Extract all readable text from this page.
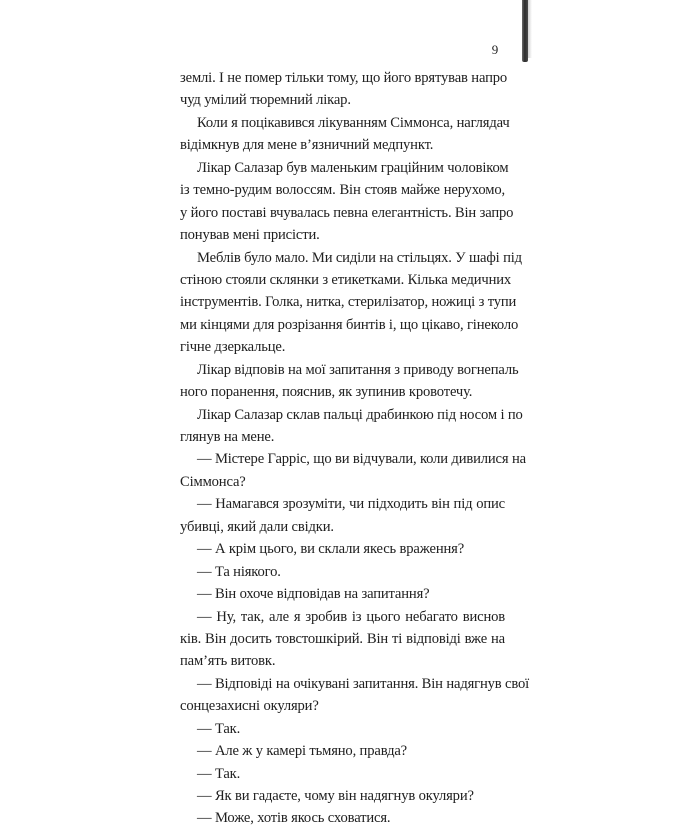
9
землі. І не помер тільки тому, що його врятував напро
чуд умілий тюремний лікар.
Коли я поцікавився лікуванням Сіммонса, наглядач
відімкнув для мене в’язничний медпункт.
Лікар Салазар був маленьким граційним чоловіком
із темно-рудим волоссям. Він стояв майже нерухомо,
у його поставі вчувалась певна елегантність. Він запро
понував мені присісти.
Меблів було мало. Ми сиділи на стільцях. У шафі під
стіною стояли склянки з етикетками. Кілька медичних
інструментів. Голка, нитка, стерилізатор, ножиці з тупи
ми кінцями для розрізання бинтів і, що цікаво, гінеколо
гічне дзеркальце.
Лікар відповів на мої запитання з приводу вогнепаль
ного поранення, пояснив, як зупинив кровотечу.
Лікар Салазар склав пальці драбинкою під носом і по
глянув на мене.
— Містере Гарріс, що ви відчували, коли дивилися на
Сіммонса?
— Намагався зрозуміти, чи підходить він під опис
убивці, який дали свідки.
— А крім цього, ви склали якесь враження?
— Та ніякого.
— Він охоче відповідав на запитання?
— Ну, так, але я зробив із цього небагато виснов
ків. Він досить товстошкірий. Він ті відповіді вже на
пам’ять витовк.
— Відповіді на очікувані запитання. Він надягнув свої
сонцезахисні окуляри?
— Так.
— Але ж у камері тьмяно, правда?
— Так.
— Як ви гадаєте, чому він надягнув окуляри?
— Може, хотів якось сховатися.
